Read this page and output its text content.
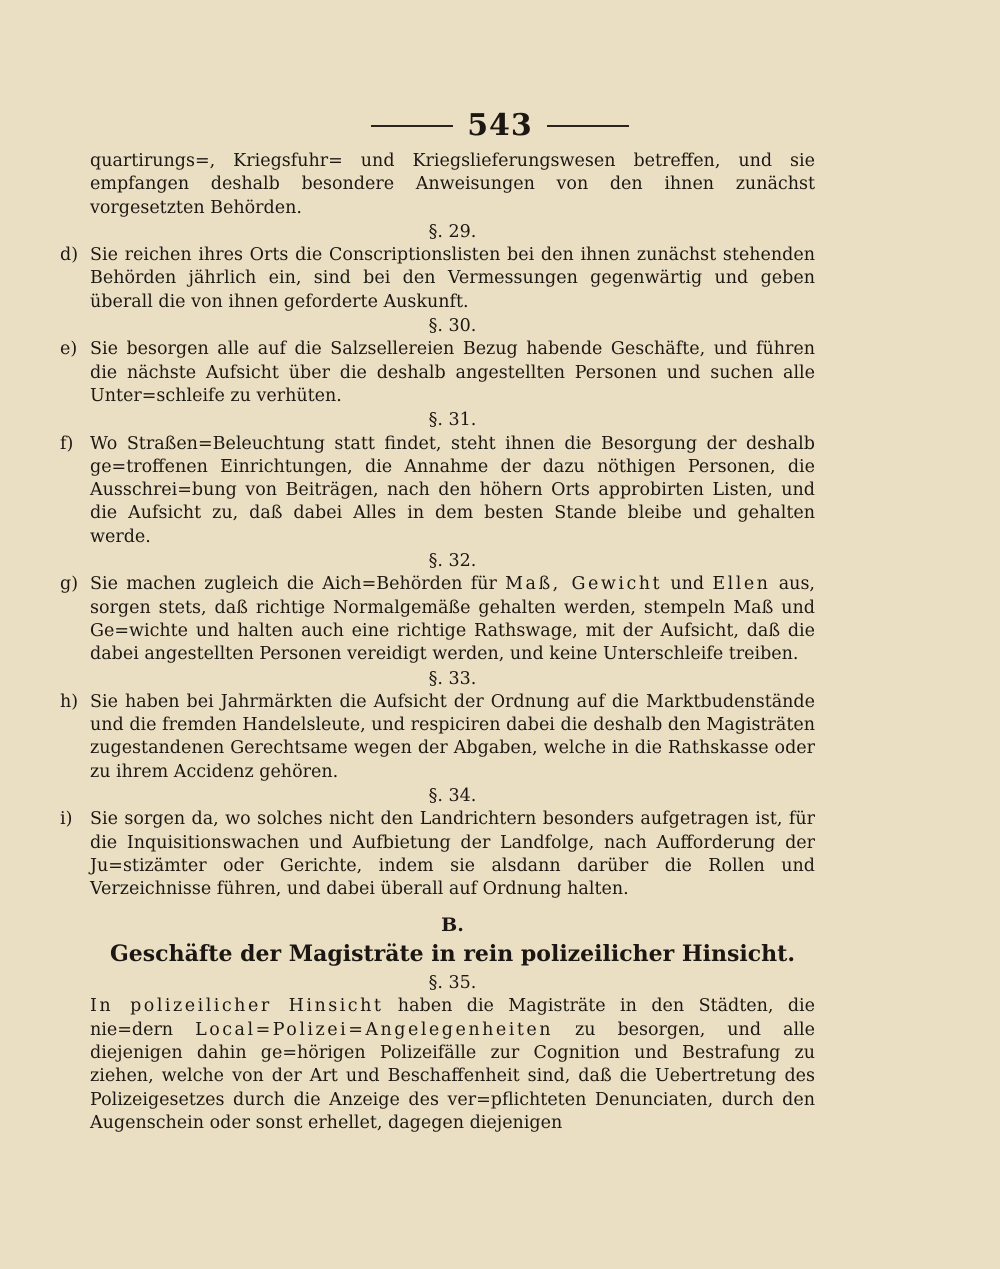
543

quartirungs=, Kriegsfuhr= und Kriegslieferungswesen betreffen, und sie empfangen deshalb besondere Anweisungen von den ihnen zunächst vorgesetzten Behörden.

§. 29.
d) Sie reichen ihres Orts die Conscriptionslisten bei den ihnen zunächst stehenden Behörden jährlich ein, sind bei den Vermessungen gegenwärtig und geben überall die von ihnen geforderte Auskunft.

§. 30.
e) Sie besorgen alle auf die Salzsellereien Bezug habende Geschäfte, und führen die nächste Aufsicht über die deshalb angestellten Personen und suchen alle Unter=schleife zu verhüten.

§. 31.
f) Wo Straßen=Beleuchtung statt findet, steht ihnen die Besorgung der deshalb ge=troffenen Einrichtungen, die Annahme der dazu nöthigen Personen, die Ausschrei=bung von Beiträgen, nach den höhern Orts approbirten Listen, und die Aufsicht zu, daß dabei Alles in dem besten Stande bleibe und gehalten werde.

§. 32.
g) Sie machen zugleich die Aich=Behörden für Maß, Gewicht und Ellen aus, sorgen stets, daß richtige Normalgemäße gehalten werden, stempeln Maß und Ge=wichte und halten auch eine richtige Rathswage, mit der Aufsicht, daß die dabei angestellten Personen vereidigt werden, und keine Unterschleife treiben.

§. 33.
h) Sie haben bei Jahrmärkten die Aufsicht der Ordnung auf die Marktbudenstände und die fremden Handelsleute, und respiciren dabei die deshalb den Magisträten zugestandenen Gerechtsame wegen der Abgaben, welche in die Rathskasse oder zu ihrem Accidenz gehören.

§. 34.
i) Sie sorgen da, wo solches nicht den Landrichtern besonders aufgetragen ist, für die Inquisitionswachen und Aufbietung der Landfolge, nach Aufforderung der Ju=stizämter oder Gerichte, indem sie alsdann darüber die Rollen und Verzeichnisse führen, und dabei überall auf Ordnung halten.

B.
Geschäfte der Magisträte in rein polizeilicher Hinsicht.
§. 35.

In polizeilicher Hinsicht haben die Magisträte in den Städten, die nie=dern Local=Polizei=Angelegenheiten zu besorgen, und alle diejenigen dahin ge=hörigen Polizeifälle zur Cognition und Bestrafung zu ziehen, welche von der Art und Beschaffenheit sind, daß die Uebertretung des Polizeigesetzes durch die Anzeige des ver=pflichteten Denunciaten, durch den Augenschein oder sonst erhellet, dagegen diejenigen
